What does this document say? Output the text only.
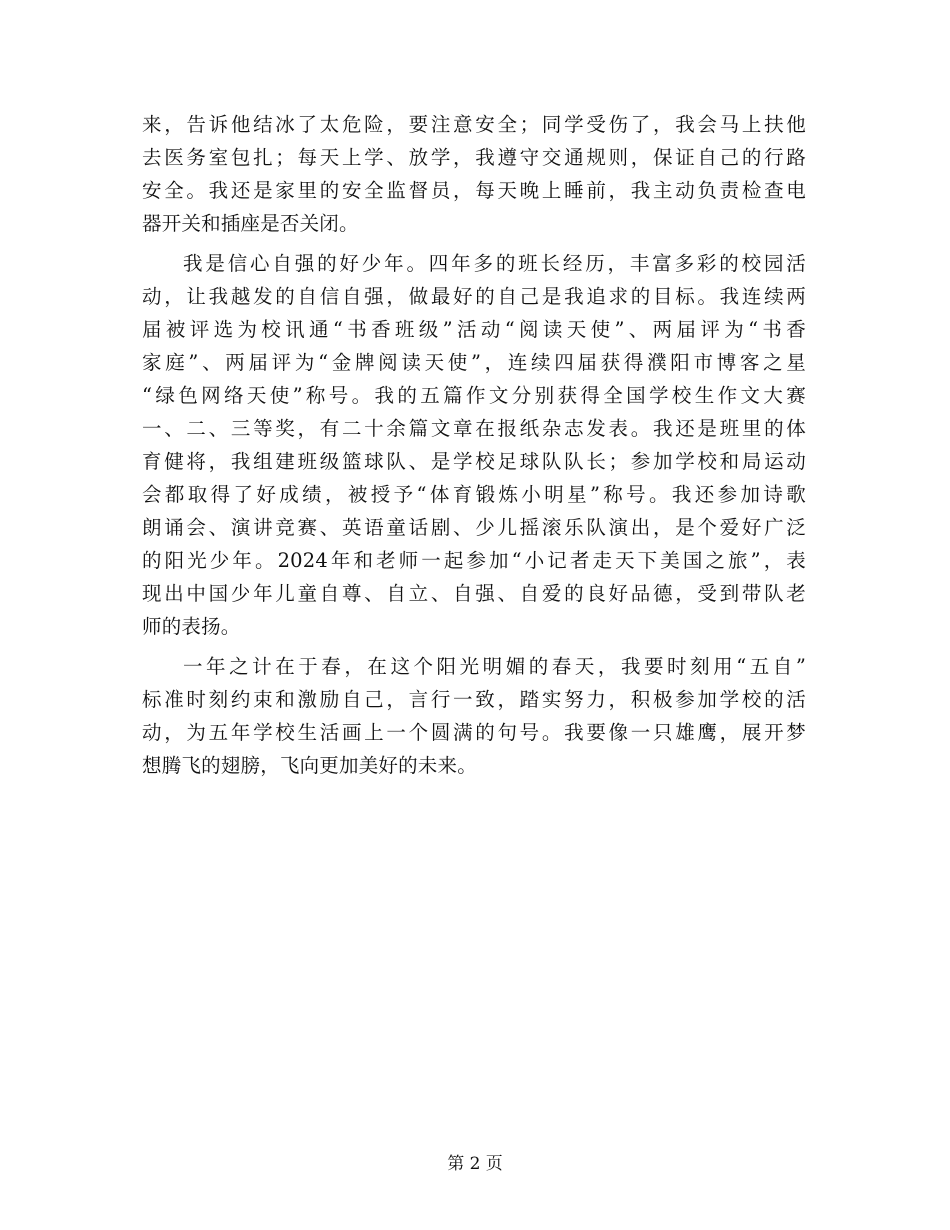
来，告诉他结冰了太危险，要注意安全；同学受伤了，我会马上扶他
去医务室包扎；每天上学、放学，我遵守交通规则，保证自己的行路
安全。我还是家里的安全监督员，每天晚上睡前，我主动负责检查电
器开关和插座是否关闭。
我是信心自强的好少年。四年多的班长经历，丰富多彩的校园活
动，让我越发的自信自强，做最好的自己是我追求的目标。我连续两
届被评选为校讯通“书香班级”活动“阅读天使”、两届评为“书香
家庭”、两届评为“金牌阅读天使”，连续四届获得濮阳市博客之星
“绿色网络天使”称号。我的五篇作文分别获得全国学校生作文大赛
一、二、三等奖，有二十余篇文章在报纸杂志发表。我还是班里的体
育健将，我组建班级篮球队、是学校足球队队长；参加学校和局运动
会都取得了好成绩，被授予“体育锻炼小明星”称号。我还参加诗歌
朗诵会、演讲竞赛、英语童话剧、少儿摇滚乐队演出，是个爱好广泛
的阳光少年。2024年和老师一起参加“小记者走天下美国之旅”，表
现出中国少年儿童自尊、自立、自强、自爱的良好品德，受到带队老
师的表扬。
一年之计在于春，在这个阳光明媚的春天，我要时刻用“五自”
标准时刻约束和激励自己，言行一致，踏实努力，积极参加学校的活
动，为五年学校生活画上一个圆满的句号。我要像一只雄鹰，展开梦
想腾飞的翅膀，飞向更加美好的未来。
第 2 页
